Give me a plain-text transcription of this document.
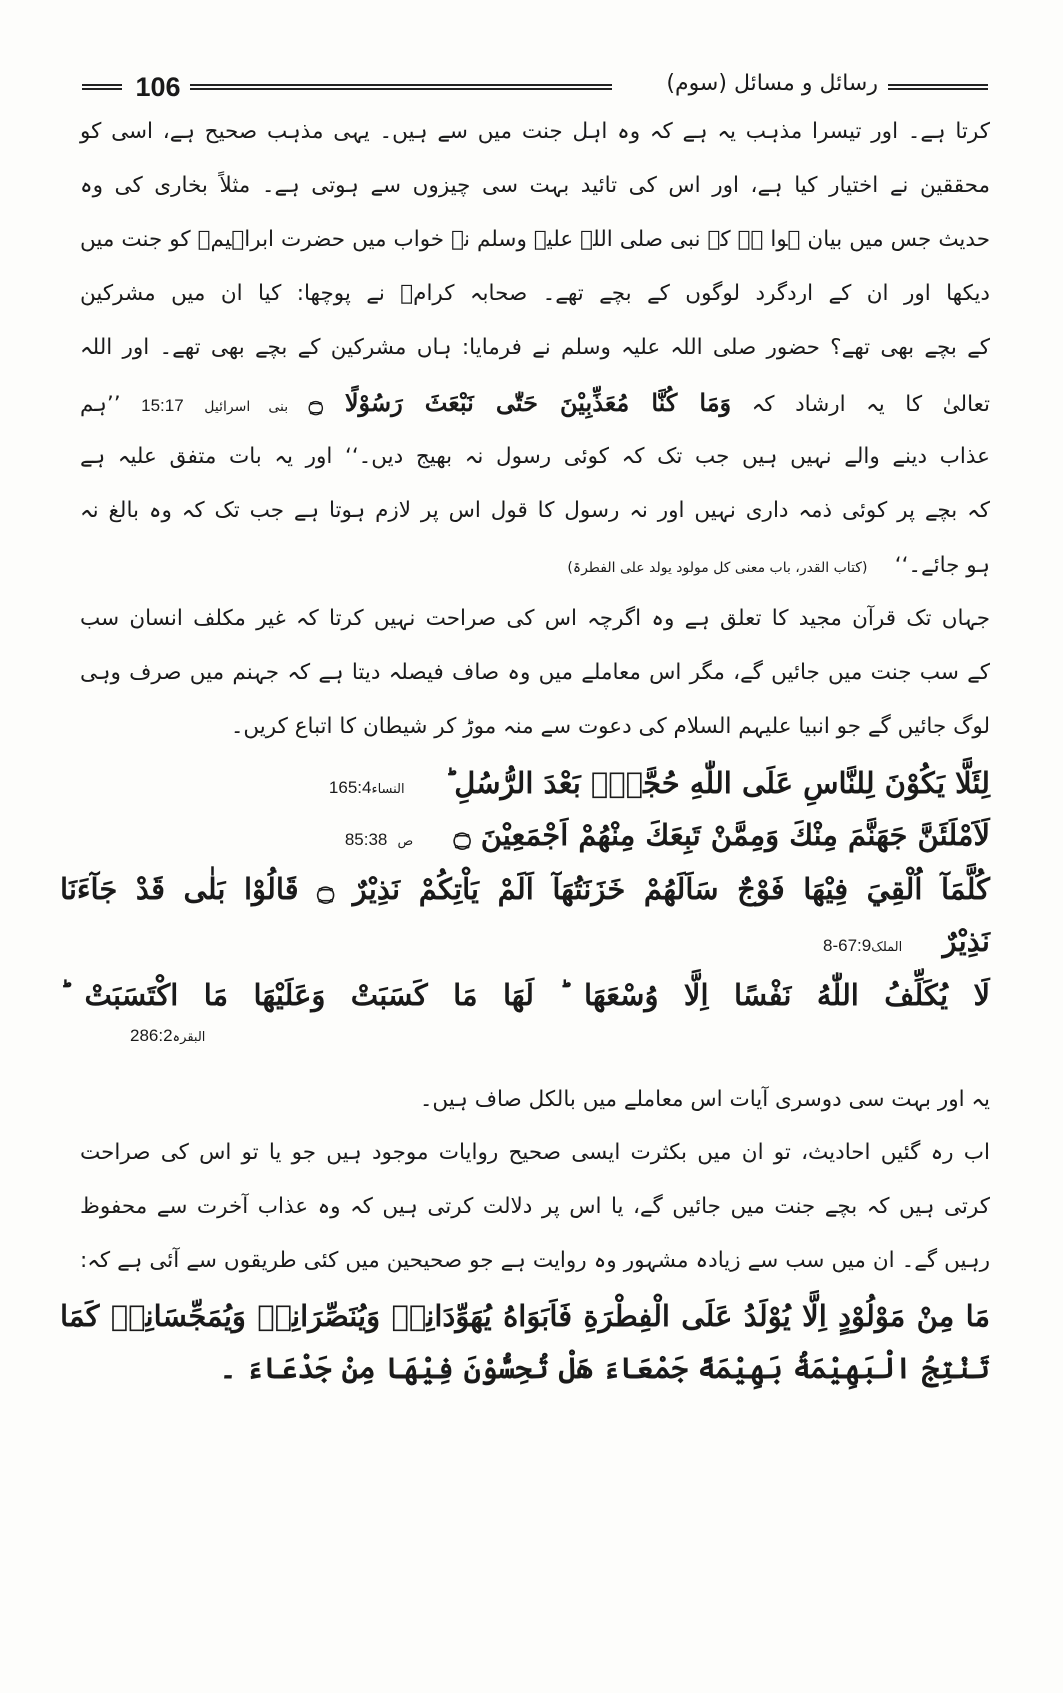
106	رسائل و مسائل (سوم)
کرتا ہے۔ اور تیسرا مذہب یہ ہے کہ وہ اہل جنت میں سے ہیں۔ یہی مذہب صحیح ہے، اسی کو
محققین نے اختیار کیا ہے، اور اس کی تائید بہت سی چیزوں سے ہوتی ہے۔ مثلاً بخاری کی وہ
حدیث جس میں بیان ہوا ہے کہ نبی صلی اللہ علیہ وسلم نے خواب میں حضرت ابراہیمؑ کو جنت میں
دیکھا اور ان کے اردگرد لوگوں کے بچے تھے۔ صحابہ کرامؓ نے پوچھا: کیا ان میں مشرکین
کے بچے بھی تھے؟ حضور صلی اللہ علیہ وسلم نے فرمایا: ہاں مشرکین کے بچے بھی تھے۔ اور اللہ
تعالیٰ کا یہ ارشاد کہ وَمَا كُنَّا مُعَذِّبِيْنَ حَتّٰى نَبْعَثَ رَسُوْلًا ۝ بنی اسرائیل 15:17 ’’ہم
عذاب دینے والے نہیں ہیں جب تک کہ کوئی رسول نہ بھیج دیں۔‘‘ اور یہ بات متفق علیہ ہے
کہ بچے پر کوئی ذمہ داری نہیں اور نہ رسول کا قول اس پر لازم ہوتا ہے جب تک کہ وہ بالغ نہ
ہو جائے۔‘‘    (کتاب القدر، باب معنی کل مولود یولد علی الفطرۃ)
جہاں تک قرآن مجید کا تعلق ہے وہ اگرچہ اس کی صراحت نہیں کرتا کہ غیر مکلف انسان سب
کے سب جنت میں جائیں گے، مگر اس معاملے میں وہ صاف فیصلہ دیتا ہے کہ جہنم میں صرف وہی
لوگ جائیں گے جو انبیا علیہم السلام کی دعوت سے منہ موڑ کر شیطان کا اتباع کریں۔
لِئَلَّا يَكُوْنَ لِلنَّاسِ عَلَى اللّٰهِ حُجَّةٌۢ بَعْدَ الرُّسُلِ ؕ    النساء165:4
لَاَمْلَئَنَّ جَهَنَّمَ مِنْكَ وَمِمَّنْ تَبِعَكَ مِنْهُمْ اَجْمَعِيْنَ ۝    ص 85:38
كُلَّمَآ اُلْقِيَ فِيْهَا فَوْجٌ سَاَلَهُمْ خَزَنَتُهَآ اَلَمْ يَاْتِكُمْ نَذِيْرٌ ۝ قَالُوْا بَلٰى قَدْ جَآءَنَا
نَذِيْرٌ    الملک67:9-8
لَا يُكَلِّفُ اللّٰهُ نَفْسًا اِلَّا وُسْعَهَا ؕ لَهَا مَا كَسَبَتْ وَعَلَيْهَا مَا اكْتَسَبَتْ ؕ
البقرہ286:2
یہ اور بہت سی دوسری آیات اس معاملے میں بالکل صاف ہیں۔
اب رہ گئیں احادیث، تو ان میں بکثرت ایسی صحیح روایات موجود ہیں جو یا تو اس کی صراحت
کرتی ہیں کہ بچے جنت میں جائیں گے، یا اس پر دلالت کرتی ہیں کہ وہ عذاب آخرت سے محفوظ
رہیں گے۔ ان میں سب سے زیادہ مشہور وہ روایت ہے جو صحیحین میں کئی طریقوں سے آئی ہے کہ:
مَا مِنْ مَوْلُوْدٍ اِلَّا يُوْلَدُ عَلَى الْفِطْرَةِ فَاَبَوَاهُ يُهَوِّدَانِهٖ وَيُنَصِّرَانِهٖ وَيُمَجِّسَانِهٖ كَمَا
تَنْتِجُ الْبَهِيْمَةُ بَهِيْمَةً جَمْعَاءَ هَلْ تُحِسُّوْنَ فِيْهَا مِنْ جَدْعَاءَ ۔
